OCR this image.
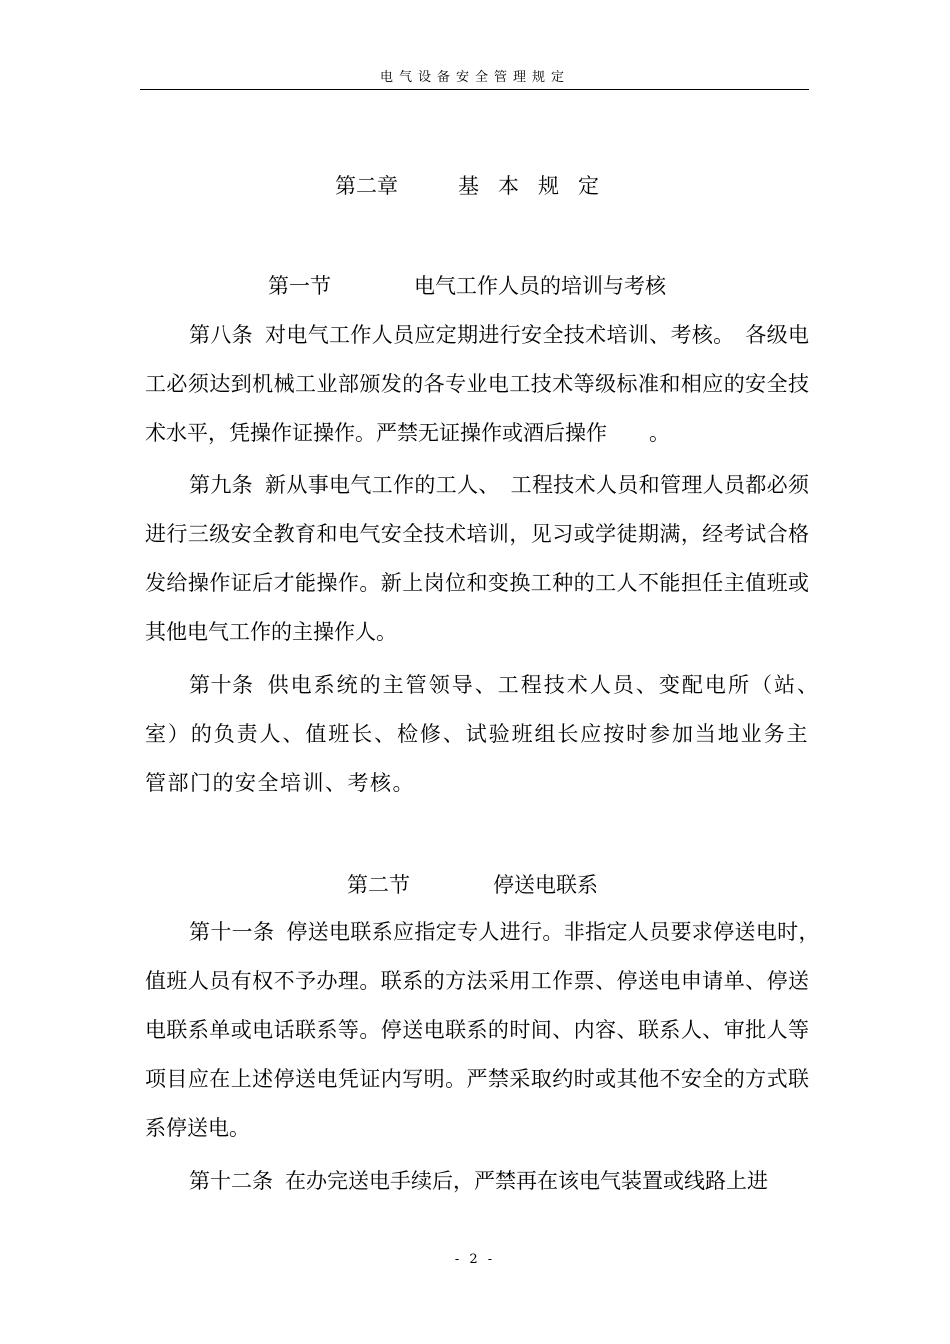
电气设备安全管理规定
第二章	基本规定
第一节	电气工作人员的培训与考核

第八条 对电气工作人员应定期进行安全技术培训、考核。　各级电工必须达到机械工业部颁发的各专业电工技术等级标准和相应的安全技术水平，凭操作证操作。严禁无证操作或酒后操作　　。

第九条 新从事电气工作的工人、　工程技术人员和管理人员都必须进行三级安全教育和电气安全技术培训，见习或学徒期满，经考试合格发给操作证后才能操作。新上岗位和变换工种的工人不能担任主值班或其他电气工作的主操作人。

第十条 供电系统的主管领导、工程技术人员、变配电所（站、　室）的负责人、值班长、检修、试验班组长应按时参加当地业务主管部门的安全培训、考核。

第二节	停送电联系

第十一条 停送电联系应指定专人进行。非指定人员要求停送电时，　值班人员有权不予办理。联系的方法采用工作票、停送电申请单、停送电联系单或电话联系等。停送电联系的时间、内容、联系人、审批人等项目应在上述停送电凭证内写明。严禁采取约时或其他不安全的方式联系停送电。

第十二条 在办完送电手续后，严禁再在该电气装置或线路上进

- 2 -
